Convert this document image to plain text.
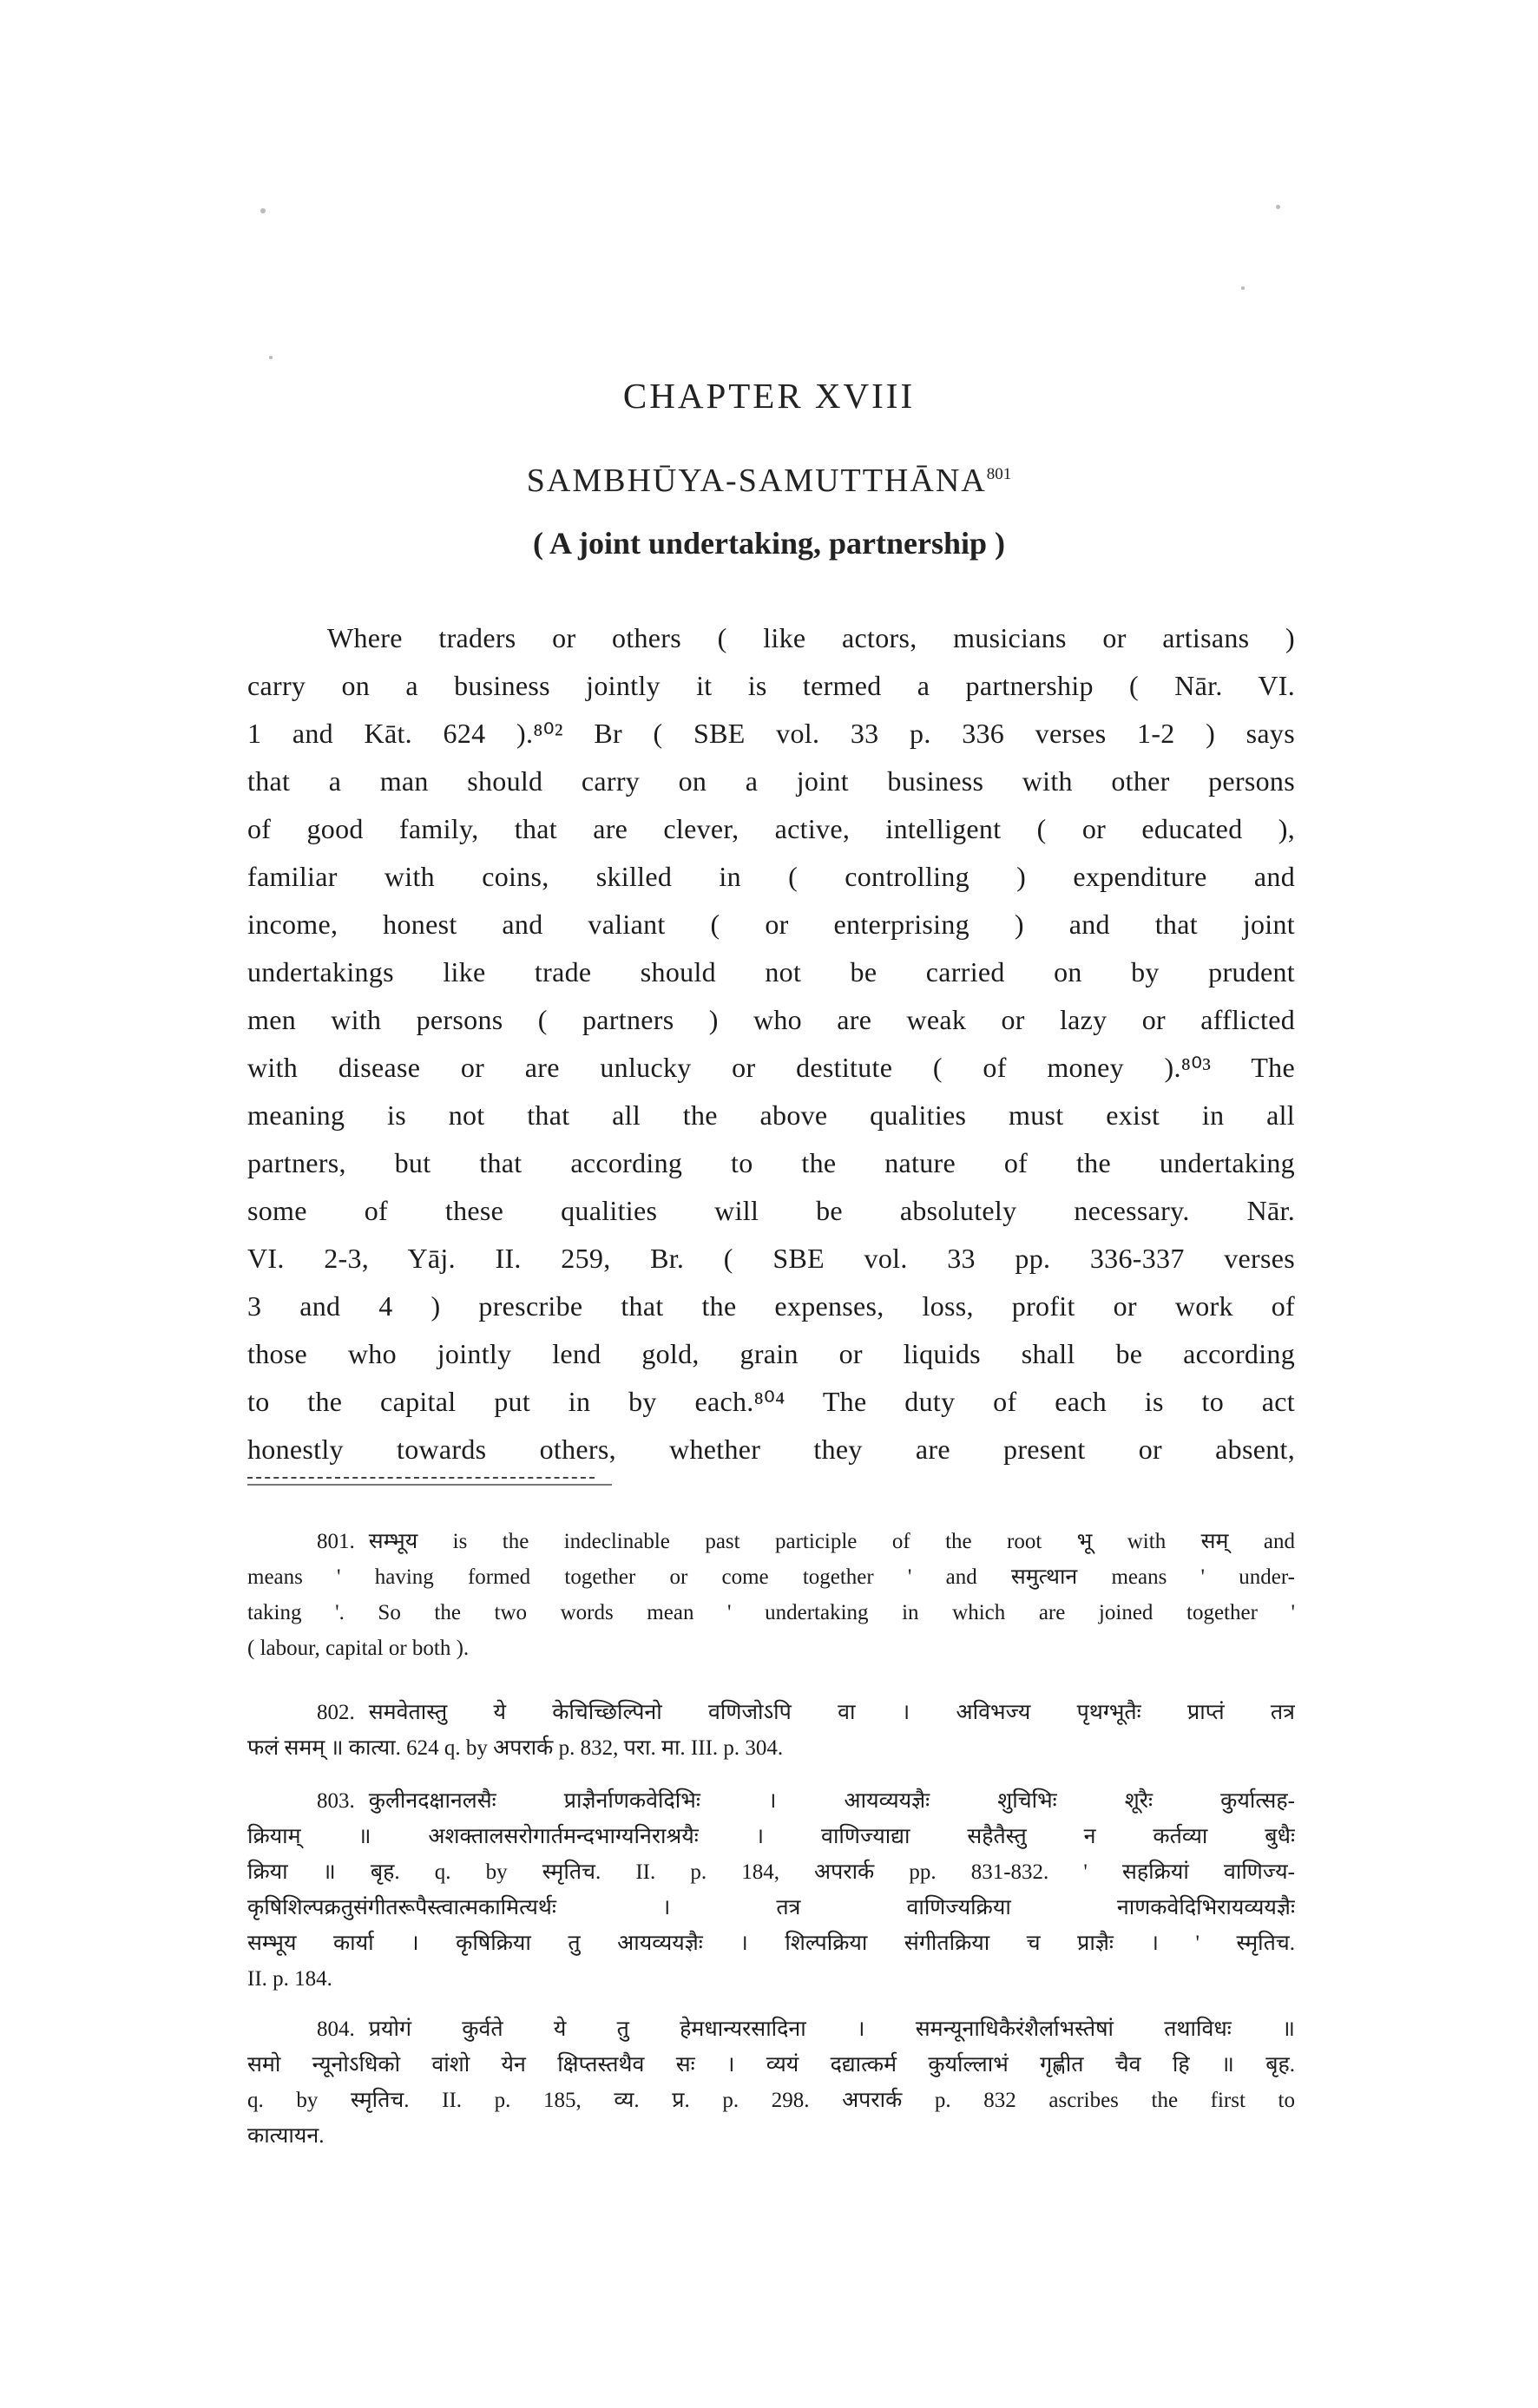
CHAPTER XVIII
SAMBHŪYA-SAMUTTHĀNA$^{801}$
( A joint undertaking, partnership )
Where traders or others ( like actors, musicians or artisans )
carry on a business jointly it is termed a partnership ( Nār. VI.
1 and Kāt. 624 ).⁸⁰² Br ( SBE vol. 33 p. 336 verses 1-2 ) says
that a man should carry on a joint business with other persons
of good family, that are clever, active, intelligent ( or educated ),
familiar with coins, skilled in ( controlling ) expenditure and
income, honest and valiant ( or enterprising ) and that joint
undertakings like trade should not be carried on by prudent
men with persons ( partners ) who are weak or lazy or afflicted
with disease or are unlucky or destitute ( of money ).⁸⁰³ The
meaning is not that all the above qualities must exist in all
partners, but that according to the nature of the undertaking
some of these qualities will be absolutely necessary. Nār.
VI. 2-3, Yāj. II. 259, Br. ( SBE vol. 33 pp. 336-337 verses
3 and 4 ) prescribe that the expenses, loss, profit or work of
those who jointly lend gold, grain or liquids shall be according
to the capital put in by each.⁸⁰⁴ The duty of each is to act
honestly towards others, whether they are present or absent,
801. सम्भूय is the indeclinable past participle of the root भू with सम् and
means ' having formed together or come together ' and समुत्थान means ' under-
taking '. So the two words mean ' undertaking in which are joined together '
( labour, capital or both ).
802. समवेतास्तु ये केचिच्छिल्पिनो वणिजोऽपि वा । अविभज्य पृथग्भूतैः प्राप्तं तत्र
फलं समम् ॥ कात्या. 624 q. by अपरार्क p. 832, परा. मा. III. p. 304.
803. कुलीनदक्षानलसैः प्राज्ञैर्नाणकवेदिभिः । आयव्ययज्ञैः शुचिभिः शूरैः कुर्यात्सह-
क्रियाम् ॥ अशक्तालसरोगार्तमन्दभाग्यनिराश्रयैः । वाणिज्याद्या सहैतैस्तु न कर्तव्या बुधैः
क्रिया ॥ बृह. q. by स्मृतिच. II. p. 184, अपरार्क pp. 831-832. ' सहक्रियां वाणिज्य-
कृषिशिल्पक्रतुसंगीतरूपैस्त्वात्मकामित्यर्थः । तत्र वाणिज्यक्रिया नाणकवेदिभिरायव्ययज्ञैः
सम्भूय कार्या । कृषिक्रिया तु आयव्ययज्ञैः । शिल्पक्रिया संगीतक्रिया च प्राज्ञैः । ' स्मृतिच.
II. p. 184.
804. प्रयोगं कुर्वते ये तु हेमधान्यरसादिना । समन्यूनाधिकैरंशैर्लाभस्तेषां तथाविधः ॥
समो न्यूनोऽधिको वांशो येन क्षिप्तस्तथैव सः । व्ययं दद्यात्कर्म कुर्याल्लाभं गृह्णीत चैव हि ॥ बृह.
q. by स्मृतिच. II. p. 185, व्य. प्र. p. 298. अपरार्क p. 832 ascribes the first to
कात्यायन.
